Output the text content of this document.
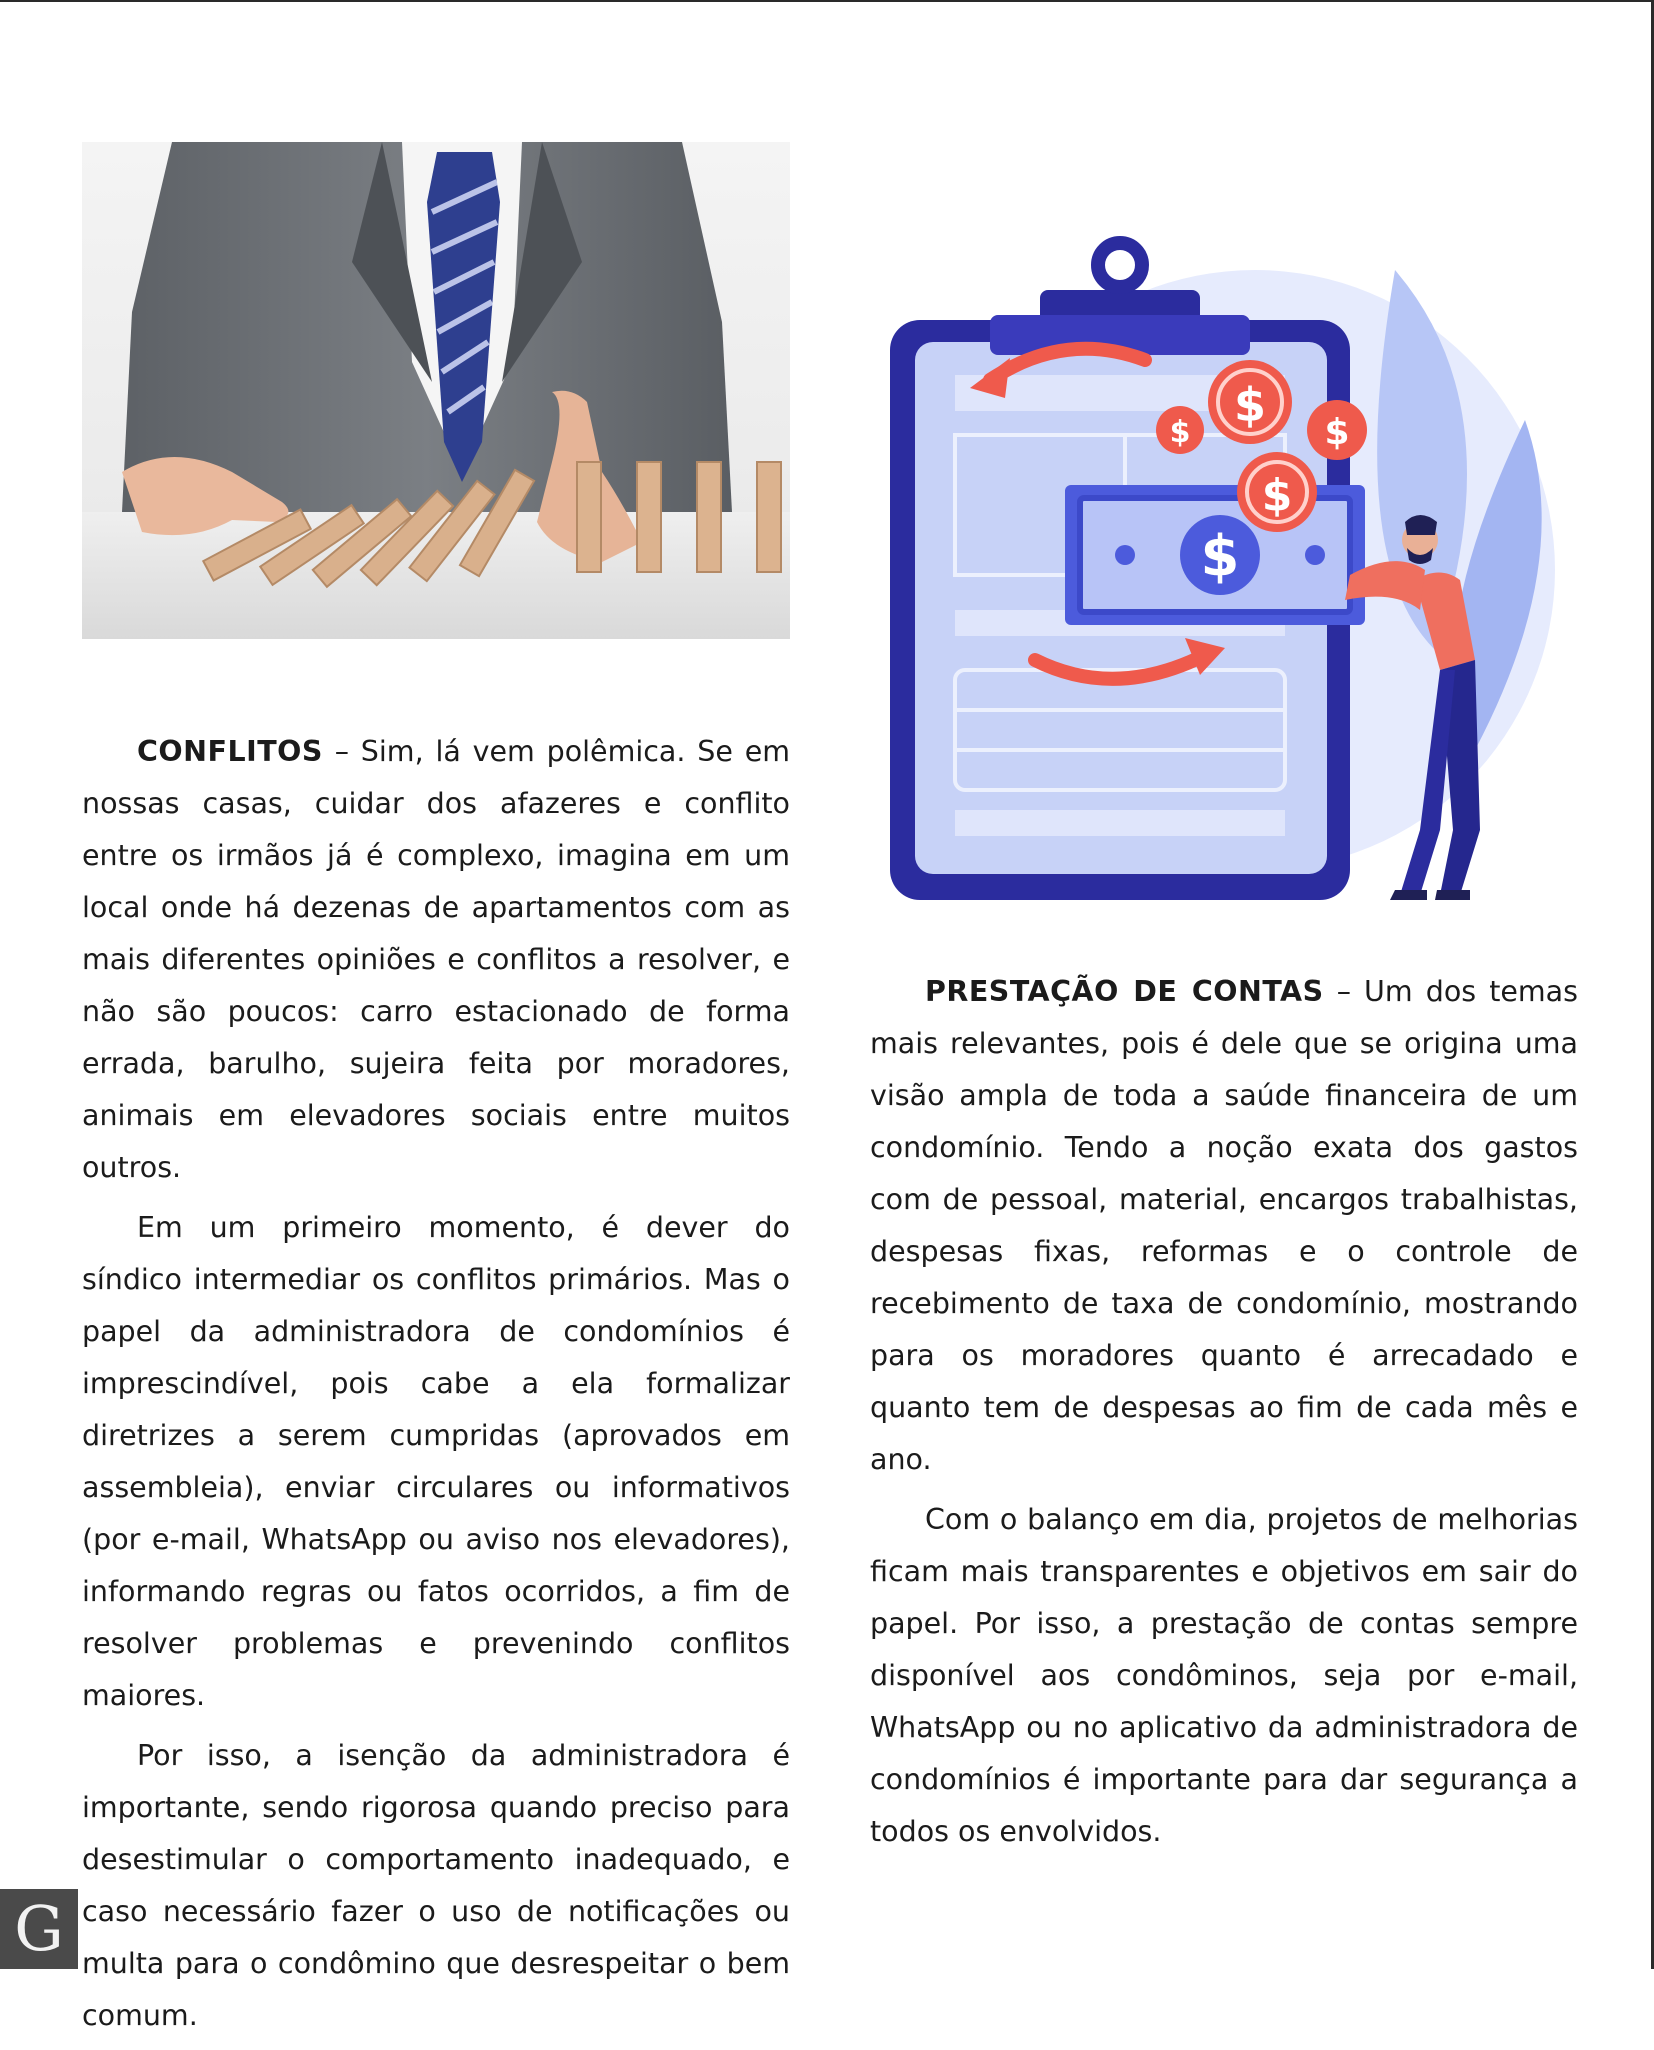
$
$
$	$
$

CONFLITOS – Sim, lá vem polêmica. Se em nossas casas, cuidar dos afazeres e conflito entre os irmãos já é complexo, imagina em um local onde há dezenas de apartamentos com as mais diferentes opiniões e conflitos a resolver, e não são poucos: carro estacionado de forma errada, barulho, sujeira feita por moradores, animais em elevadores sociais entre muitos outros.

Em um primeiro momento, é dever do síndico intermediar os conflitos primários. Mas o papel da administradora de condomínios é imprescindível, pois cabe a ela formalizar diretrizes a serem cumpridas (aprovados em assembleia), enviar circulares ou informativos (por e-mail, WhatsApp ou aviso nos elevadores), informando regras ou fatos ocorridos, a fim de resolver problemas e prevenindo conflitos maiores.

Por isso, a isenção da administradora é importante, sendo rigorosa quando preciso para desestimular o comportamento inadequado, e caso necessário fazer o uso de notificações ou multa para o condômino que desrespeitar o bem comum.

PRESTAÇÃO DE CONTAS – Um dos temas mais relevantes, pois é dele que se origina uma visão ampla de toda a saúde financeira de um condomínio. Tendo a noção exata dos gastos com de pessoal, material, encargos trabalhistas, despesas fixas, reformas e o controle de recebimento de taxa de condomínio, mostrando para os moradores quanto é arrecadado e quanto tem de despesas ao fim de cada mês e ano.

Com o balanço em dia, projetos de melhorias ficam mais transparentes e objetivos em sair do papel. Por isso, a prestação de contas sempre disponível aos condôminos, seja por e-mail, WhatsApp ou no aplicativo da administradora de condomínios é importante para dar segurança a todos os envolvidos.

G
